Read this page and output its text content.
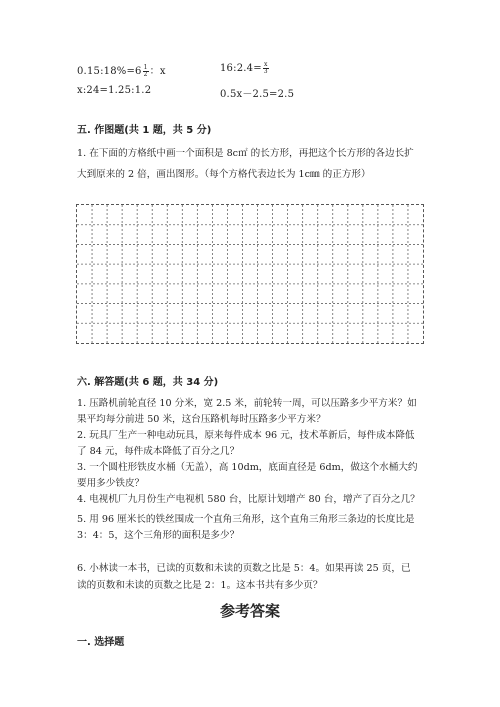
0.15:18%=6 $\frac{1}{2}$ ：x	16:2.4= $\frac{x}{3}$
x:24=1.25:1.2	0.5x－2.5=2.5
五. 作图题(共 1 题，共 5 分)
1. 在下面的方格纸中画一个面积是 8c㎡ 的长方形，再把这个长方形的各边长扩
大到原来的 2 倍，画出图形。（每个方格代表边长为 1c㎜ 的正方形）
六. 解答题(共 6 题，共 34 分)
1. 压路机前轮直径 10 分米，宽 2.5 米，前轮转一周，可以压路多少平方米？如
果平均每分前进 50 米，这台压路机每时压路多少平方米？
2. 玩具厂生产一种电动玩具，原来每件成本 96 元，技术革新后，每件成本降低
了 84 元，每件成本降低了百分之几？
3. 一个圆柱形铁皮水桶（无盖），高 10dm，底面直径是 6dm，做这个水桶大约
要用多少铁皮？
4. 电视机厂九月份生产电视机 580 台，比原计划增产 80 台，增产了百分之几？
5. 用 96 厘米长的铁丝围成一个直角三角形，这个直角三角形三条边的长度比是
3：4：5，这个三角形的面积是多少？
6. 小林读一本书，已读的页数和未读的页数之比是 5：4。如果再读 25 页，已
读的页数和未读的页数之比是 2：1。这本书共有多少页？
参考答案
一. 选择题
